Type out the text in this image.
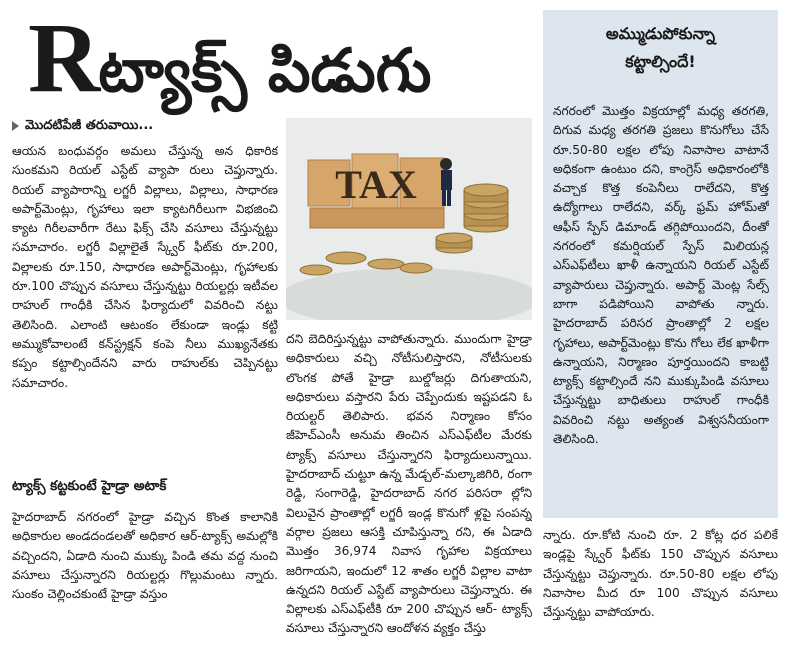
Rట్యాక్స్ పిడుగు
మొదటిపేజీ తరువాయి...

ఆయన బంధువర్గం అమలు చేస్తున్న అన ధికారిక సుంకమని రియల్ ఎస్టేట్ వ్యాపా రులు చెప్తున్నారు. రియల్ వ్యాపారాన్ని లగ్జరీ విల్లాలు, విల్లాలు, సాధారణ అపార్ట్‌మెంట్లు, గృహాలు ఇలా క్యాటగిరీలుగా విభజించి క్యాట గిరీలవారీగా రేటు ఫిక్స్ చేసి వసూలు చేస్తున్నట్టు సమాచారం. లగ్జరీ విల్లాలైతే స్క్వేర్ ఫీట్‌కు రూ.200, విల్లాలకు రూ.150, సాధారణ అపార్ట్‌మెంట్లు, గృహాలకు రూ.100 చొప్పున వసూలు చేస్తున్నట్టు రియల్టర్లు ఇటీవల రాహుల్ గాంధీకి చేసిన ఫిర్యాదులో వివరించి నట్టు తెలిసింది. ఎలాంటి ఆటంకం లేకుండా ఇండ్లు కట్టి అమ్ముకోవాలంటే కన్‌స్ట్రక్షన్ కంపె నీలు ముఖ్యనేతకు కప్పం కట్టాల్సిందేనని వారు రాహుల్‌కు చెప్పినట్టు సమాచారం.

ట్యాక్స్ కట్టకుంటే హైడ్రా అటాక్

హైదరాబాద్ నగరంలో హైడ్రా వచ్చిన కొంత కాలానికి అధికారుల అండదండలతో అధికార ఆర్-ట్యాక్స్ అమల్లోకి వచ్చిందని, ఏడాది నుంచి ముక్కు పిండి తమ వద్ద నుంచి వసూలు చేస్తున్నారని రియల్టర్లు గొల్లుమంటు న్నారు. సుంకం చెల్లించకుంటే హైడ్రా వస్తుం

TAX

దని బెదిరిస్తున్నట్టు వాపోతున్నారు. ముందుగా హైడ్రా అధికారులు వచ్చి నోటీసులిస్తారని, నోటీసులకు లొంగక పోతే హైడ్రా బుల్డోజర్లు దిగుతాయని, అధికారులు వస్తారని పేరు చెప్పేందుకు ఇష్టపడని ఓ రియల్టర్ తెలిపారు. భవన నిర్మాణం కోసం జీహెచ్ఎంసీ అనుమ తించిన ఎస్ఎఫ్‌టీల మేరకు ట్యాక్స్ వసూలు చేస్తున్నారని ఫిర్యాదులున్నాయి. హైదరాబాద్ చుట్టూ ఉన్న మేడ్చల్-మల్కాజిగిరి, రంగా రెడ్డి, సంగారెడ్డి, హైదరాబాద్ నగర పరిసరా ల్లోని విలువైన ప్రాంతాల్లో లగ్జరీ ఇండ్ల కొనుగో ళ్లపై సంపన్న వర్గాల ప్రజలు ఆసక్తి చూపిస్తున్నా రని, ఈ ఏడాది మొత్తం 36,974 నివాస గృహాల విక్రయాలు జరిగాయని, ఇందులో 12 శాతం లగ్జరీ విల్లాల వాటా ఉన్నదని రియల్ ఎస్టేట్ వ్యాపారులు చెప్తున్నారు. ఈ విల్లాలకు ఎస్ఎఫ్‌టీకి రూ 200 చొప్పున ఆర్- ట్యాక్స్ వసూలు చేస్తున్నారని ఆందోళన వ్యక్తం చేస్తు

అమ్ముడుపోకున్నా
కట్టాల్సిందే!

నగరంలో మొత్తం విక్రయాల్లో మధ్య తరగతి, దిగువ మధ్య తరగతి ప్రజలు కొనుగోలు చేసే రూ.50-80 లక్షల లోపు నివాసాల వాటానే అధికంగా ఉంటుం దని, కాంగ్రెస్ అధికారంలోకి వచ్చాక కొత్త కంపెనీలు రాలేదని, కొత్త ఉద్యోగాలు రాలేదని, వర్క్ ఫ్రమ్ హోమ్‌తో ఆఫీస్ స్పేస్ డిమాండ్ తగ్గిపోయిందని, దీంతో నగరంలో కమర్షియల్ స్పేస్ మిలియన్ల ఎస్ఎఫ్‌టీలు ఖాళీ ఉన్నాయని రియల్ ఎస్టేట్ వ్యాపారులు చెప్తున్నారు. అపార్ట్ మెంట్ల సేల్స్ బాగా పడిపోయిని వాపోతు న్నారు. హైదరాబాద్ పరిసర ప్రాంతాల్లో 2 లక్షల గృహాలు, అపార్ట్‌మెంట్లు కొను గోలు లేక ఖాళీగా ఉన్నాయని, నిర్మాణం పూర్తయిందని కాబట్టి ట్యాక్స్ కట్టాల్సిందే నని ముక్కుపిండి వసూలు చేస్తున్నట్టు బాధితులు రాహుల్ గాంధీకి వివరించి నట్టు అత్యంత విశ్వసనీయంగా తెలిసింది.

న్నారు. రూ.కోటి నుంచి రూ. 2 కోట్ల ధర పలికే ఇండ్లపై స్క్వేర్ ఫీట్‌కు 150 చొప్పున వసూలు చేస్తున్నట్టు చెప్తున్నారు. రూ.50-80 లక్షల లోపు నివాసాల మీద రూ 100 చొప్పున వసూలు చేస్తున్నట్టు వాపోయారు.
